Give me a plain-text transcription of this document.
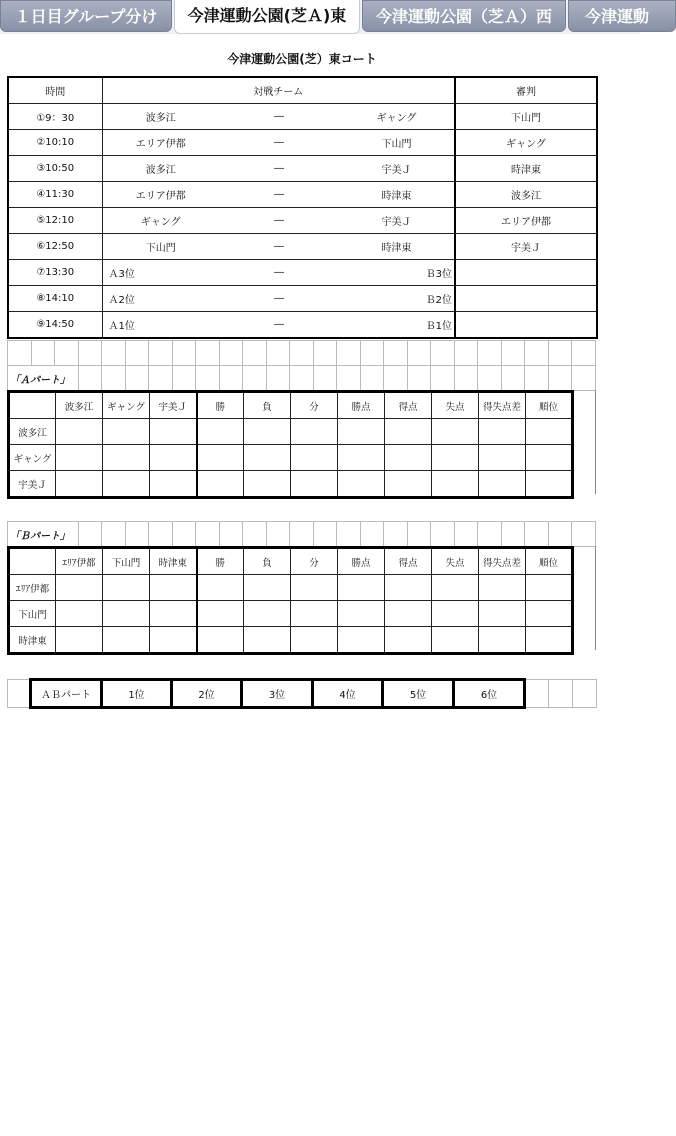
１日目グループ分け	今津運動公園(芝Ａ)東	今津運動公園（芝Ａ）西	今津運動
今津運動公園(芝）東コート
時間	対戦チーム			審判
①9：30	波多江	―	ギャング	下山門
②10:10	エリア伊都	―	下山門	ギャング
③10:50	波多江	―	宇美Ｊ	時津東
④11:30	エリア伊都	―	時津東	波多江
⑤12:10	ギャング	―	宇美Ｊ	エリア伊都
⑥12:50	下山門	―	時津東	宇美Ｊ
⑦13:30	Ａ3位	―	Ｂ3位	
⑧14:10	Ａ2位	―	Ｂ2位	
⑨14:50	Ａ1位	―	Ｂ1位	

「Ａパート」																						
	波多江	ギャング	宇美Ｊ	勝	負	分	勝点	得点	失点	得失点差	順位
波多江											
ギャング											
宇美Ｊ											
「Ｂパート」																						
	ｴﾘｱ伊都	下山門	時津東	勝	負	分	勝点	得点	失点	得失点差	順位
ｴﾘｱ伊都											
下山門											
時津東											
	ＡＢパート	1位	2位	3位	4位	5位	6位			
